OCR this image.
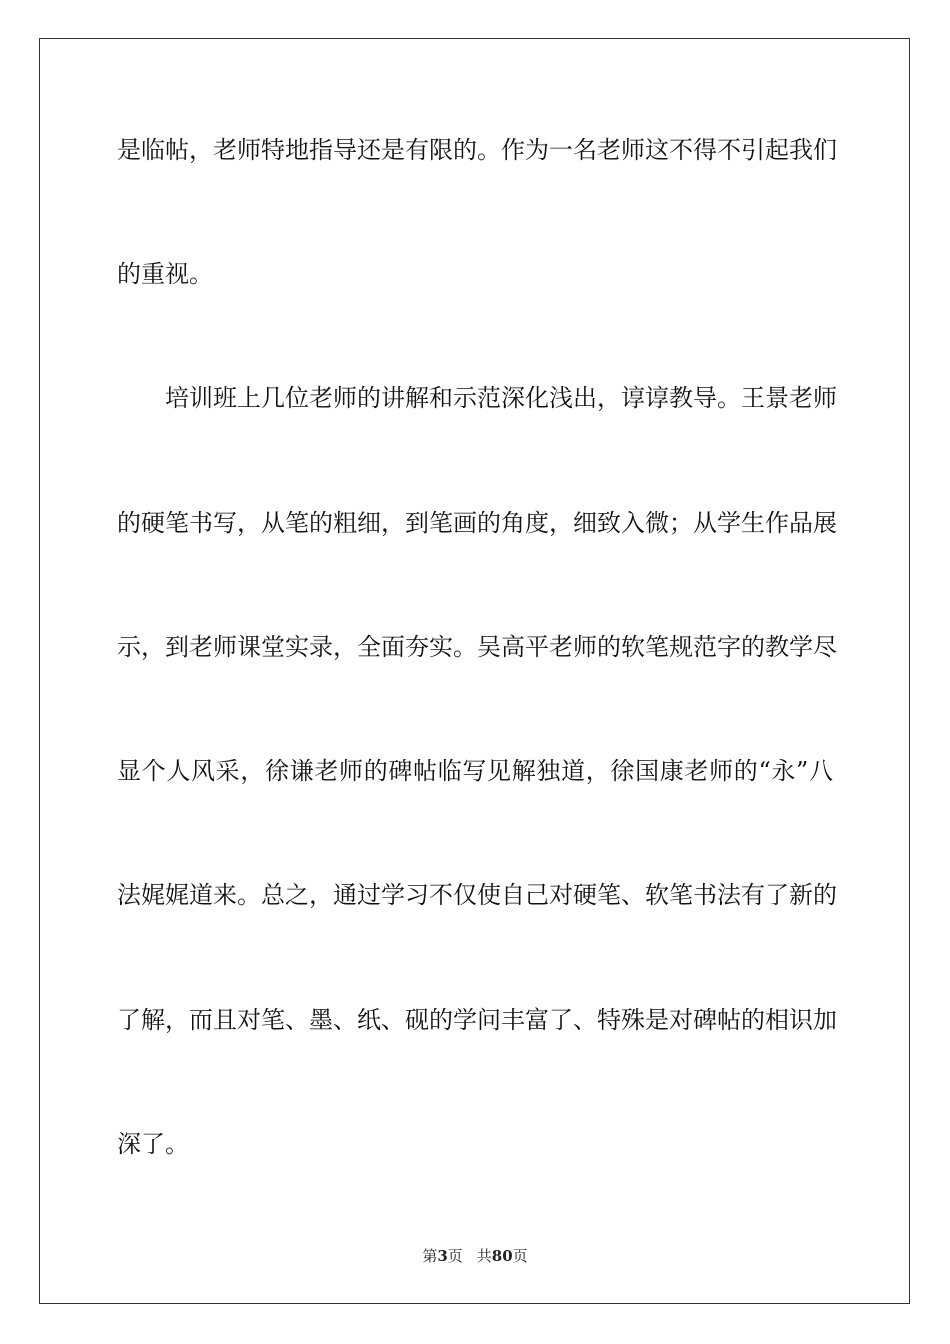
是临帖，老师特地指导还是有限的。作为一名老师这不得不引起我们
的重视。
培训班上几位老师的讲解和示范深化浅出，谆谆教导。王景老师
的硬笔书写，从笔的粗细，到笔画的角度，细致入微；从学生作品展
示，到老师课堂实录，全面夯实。吴高平老师的软笔规范字的教学尽
显个人风采，徐谦老师的碑帖临写见解独道，徐国康老师的“永”八
法娓娓道来。总之，通过学习不仅使自己对硬笔、软笔书法有了新的
了解，而且对笔、墨、纸、砚的学问丰富了、特殊是对碑帖的相识加
深了。
第3页 共80页
